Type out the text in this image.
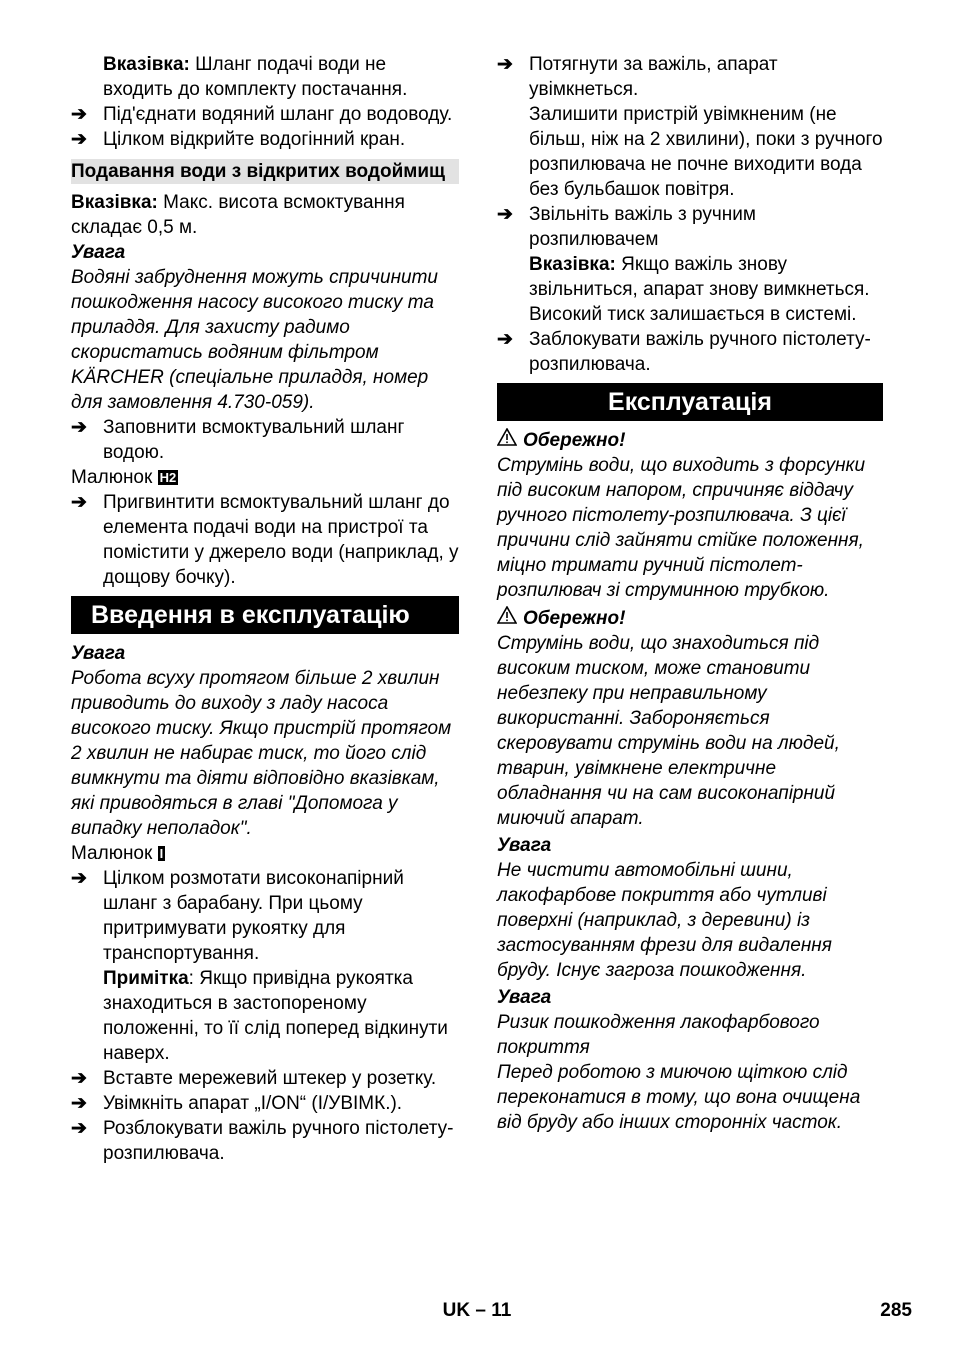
Вказівка: Шланг подачі води не входить до комплекту постачання.

➔ Під'єднати водяний шланг до водоводу.

➔ Цілком відкрийте водогінний кран.

Подавання води з відкритих водоймищ

Вказівка: Макс. висота всмоктування складає 0,5 м.

Увага

Водяні забруднення можуть спричинити пошкодження насосу високого тиску та приладдя. Для захисту радимо скористатись водяним фільтром KÄRCHER (спеціальне приладдя, номер для замовлення 4.730-059).

➔ Заповнити всмоктувальний шланг водою.

Малюнок H2

➔ Пригвинтити всмоктувальний шланг до елемента подачі води на пристрої та помістити у джерело води (наприклад, у дощову бочку).

Введення в експлуатацію

Увага

Робота всуху протягом більше 2 хвилин приводить до виходу з ладу насоса високого тиску. Якщо пристрій протягом 2 хвилин не набирає тиск, то його слід вимкнути та діяти відповідно вказівкам, які приводяться в главі "Допомога у випадку неполадок".

Малюнок I

➔ Цілком розмотати високонапірний шланг з барабану. При цьому притримувати рукоятку для транспортування.

Примітка: Якщо привідна рукоятка знаходиться в застопореному положенні, то її слід поперед відкинути наверх.

➔ Вставте мережевий штекер у розетку.

➔ Увімкніть апарат „I/ON“ (I/УВІМК.).

➔ Розблокувати важіль ручного пістолету-розпилювача.

➔ Потягнути за важіль, апарат увімкнеться.

Залишити пристрій увімкненим (не більш, ніж на 2 хвилини), поки з ручного розпилювача не почне виходити вода без бульбашок повітря.

➔ Звільніть важіль з ручним розпилювачем

Вказівка: Якщо важіль знову звільниться, апарат знову вимкнеться. Високий тиск залишається в системі.

➔ Заблокувати важіль ручного пістолету-розпилювача.

Експлуатація

Обережно!

Струмінь води, що виходить з форсунки під високим напором, спричиняє віддачу ручного пістолету-розпилювача. З цієї причини слід зайняти стійке положення, міцно тримати ручний пістолет-розпилювач зі струминною трубкою.

Обережно!

Струмінь води, що знаходиться під високим тиском, може становити небезпеку при неправильному використанні. Забороняється скеровувати струмінь води на людей, тварин, увімкнене електричне обладнання чи на сам високонапірний миючий апарат.

Увага

Не чистити автомобільні шини, лакофарбове покриття або чутливі поверхні (наприклад, з деревини) із застосуванням фрези для видалення бруду. Існує загроза пошкодження.

Увага

Ризик пошкодження лакофарбового покриття

Перед роботою з миючою щіткою слід переконатися в тому, що вона очищена від бруду або інших сторонніх часток.

UK – 11	285
